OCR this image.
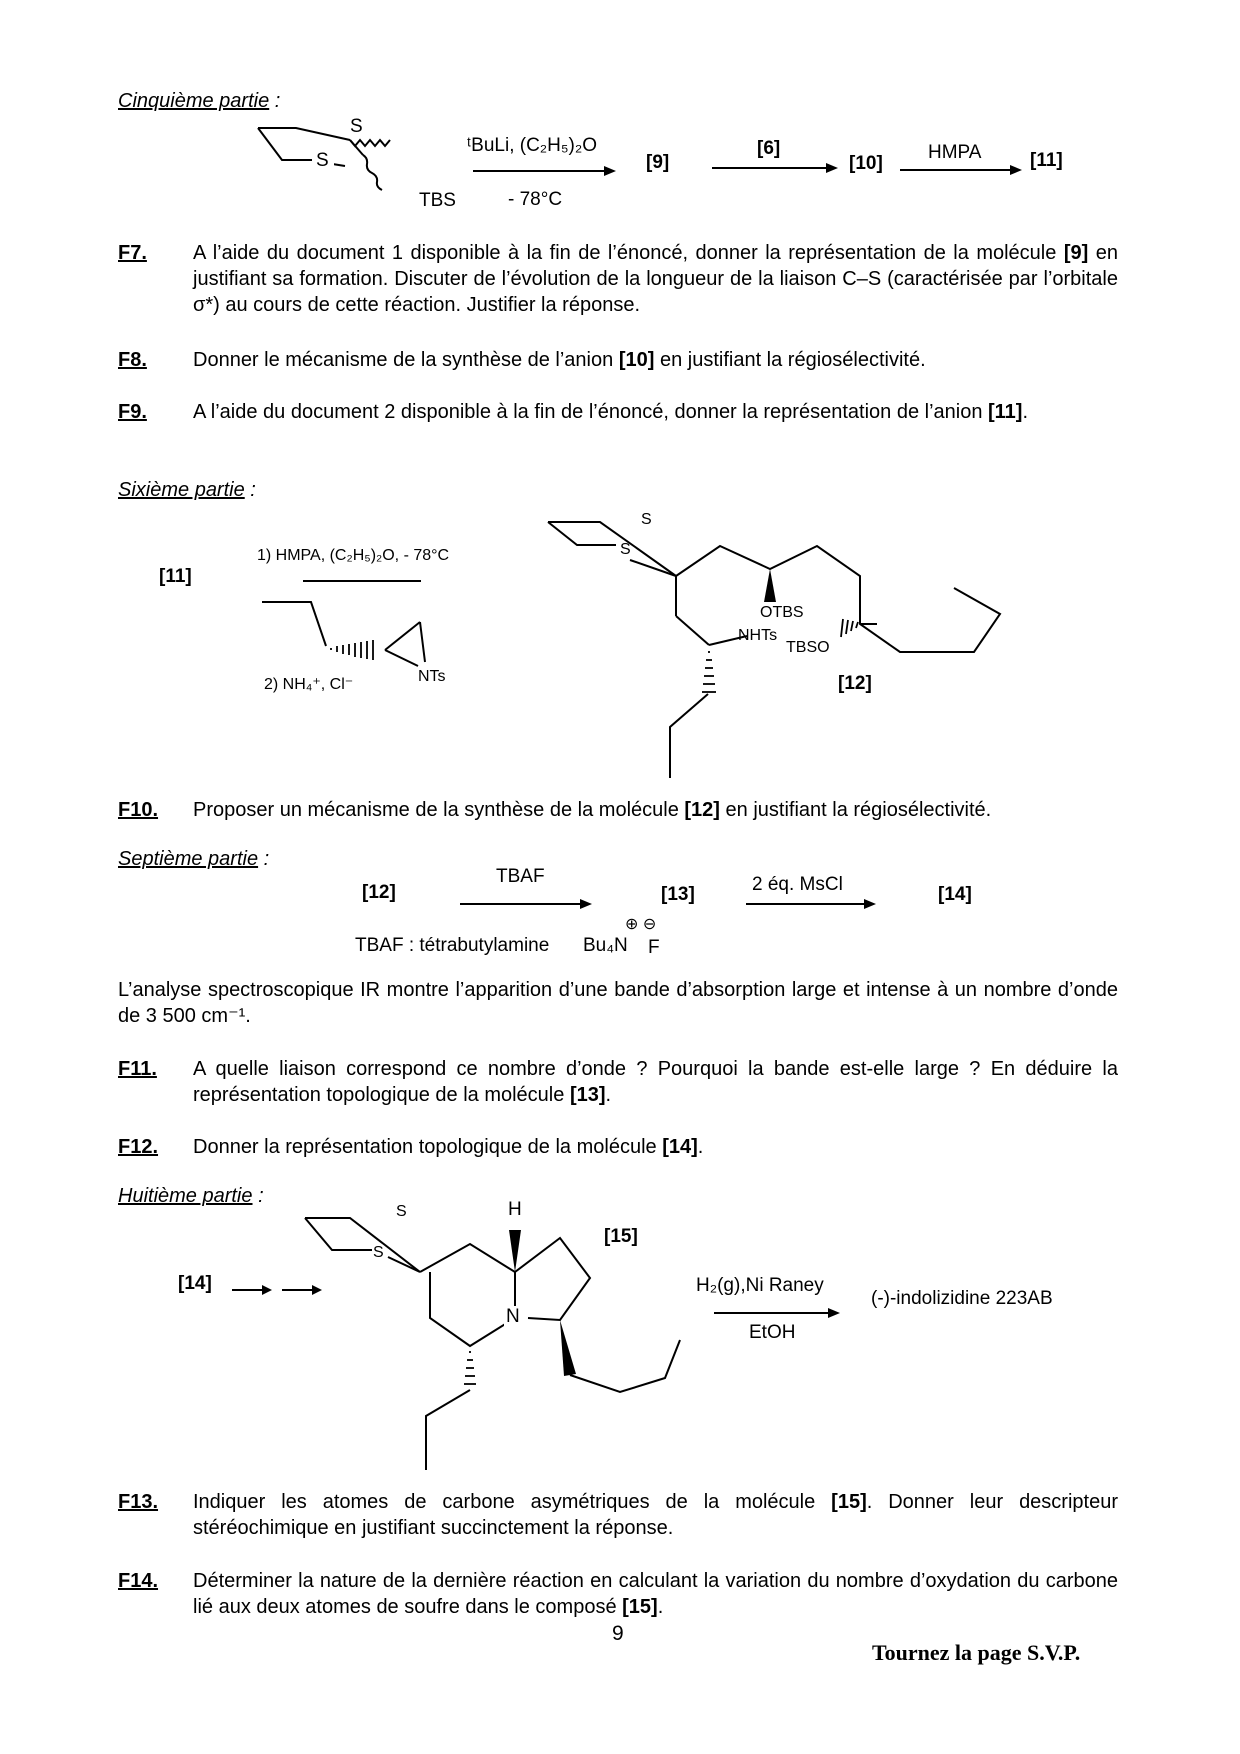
Cinquième partie :
S
S
TBS
ᵗBuLi, (C₂H₅)₂O
- 78°C
[9]
[6]
[10]
HMPA	[11]
F7. A l’aide du document 1 disponible à la fin de l’énoncé, donner la représentation de la molécule [9] en justifiant sa formation. Discuter de l’évolution de la longueur de la liaison C–S (caractérisée par l’orbitale σ*) au cours de cette réaction. Justifier la réponse.
F8. Donner le mécanisme de la synthèse de l’anion [10] en justifiant la régiosélectivité.
F9. A l’aide du document 2 disponible à la fin de l’énoncé, donner la représentation de l’anion [11].
Sixième partie :
[11]
1) HMPA, (C₂H₅)₂O, - 78°C
2) NH₄⁺, Cl⁻	NTs
S
S
OTBS
NHTs
TBSO
[12]
F10. Proposer un mécanisme de la synthèse de la molécule [12] en justifiant la régiosélectivité.
Septième partie :
[12]
TBAF
[13]	2 éq. MsCl	[14]
TBAF : tétrabutylamine Bu₄N F
⊕ ⊖
L’analyse spectroscopique IR montre l’apparition d’une bande d’absorption large et intense à un nombre d’onde de 3 500 cm⁻¹.
F11. A quelle liaison correspond ce nombre d’onde ? Pourquoi la bande est-elle large ? En déduire la représentation topologique de la molécule [13].
F12. Donner la représentation topologique de la molécule [14].
Huitième partie :
[14]
[15]
N
H
S
S
H₂(g),Ni Raney
EtOH
(-)-indolizidine 223AB
F13. Indiquer les atomes de carbone asymétriques de la molécule [15]. Donner leur descripteur stéréochimique en justifiant succinctement la réponse.
F14. Déterminer la nature de la dernière réaction en calculant la variation du nombre d’oxydation du carbone lié aux deux atomes de soufre dans le composé [15].
9
Tournez la page S.V.P.
